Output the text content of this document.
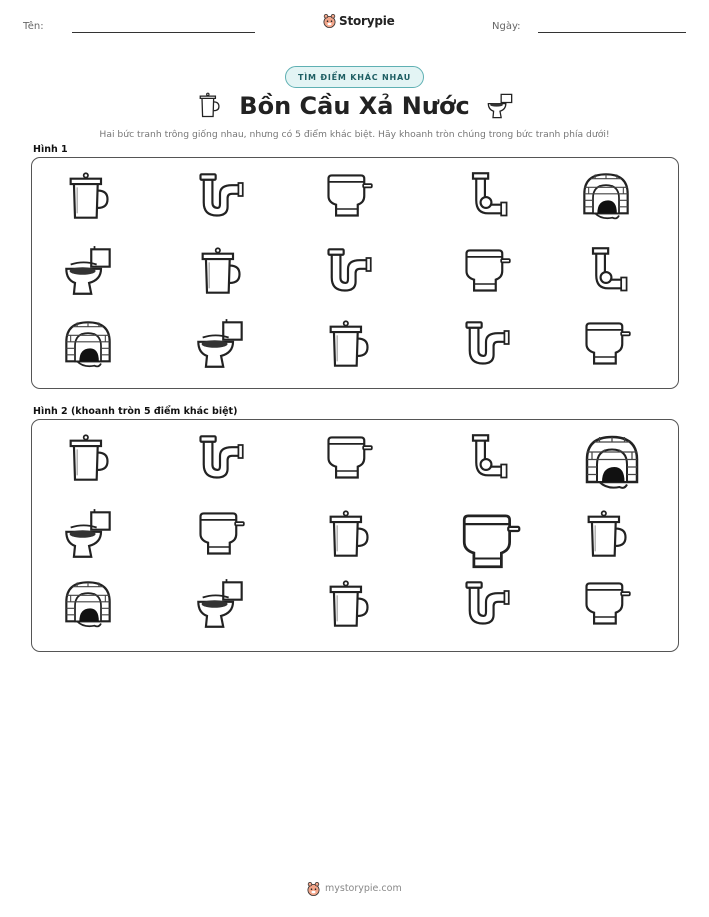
Tên:	Ngày:
Storypie
TÌM ĐIỂM KHÁC NHAU
Bồn Cầu Xả Nước
Hai bức tranh trông giống nhau, nhưng có 5 điểm khác biệt. Hãy khoanh tròn chúng trong bức tranh phía dưới!
Hình 1
Hình 2 (khoanh tròn 5 điểm khác biệt)
mystorypie.com
